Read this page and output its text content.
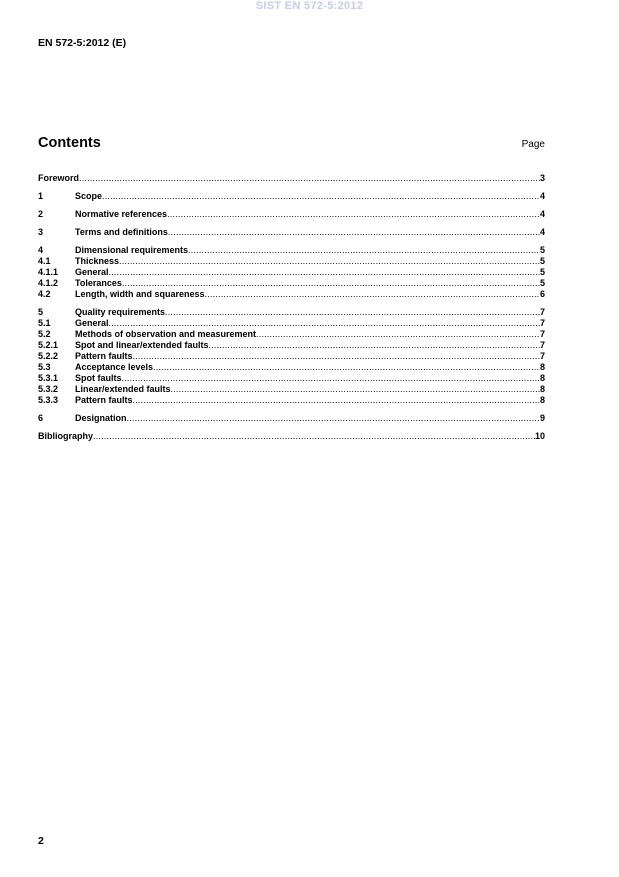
SIST EN 572-5:2012
EN 572-5:2012 (E)
Contents	Page
Foreword .....	3
1	Scope .....	4
2	Normative references .....	4
3	Terms and definitions .....	4
4	Dimensional requirements .....	5
4.1	Thickness .....	5
4.1.1	General .....	5
4.1.2	Tolerances .....	5
4.2	Length, width and squareness .....	6
5	Quality requirements .....	7
5.1	General .....	7
5.2	Methods of observation and measurement .....	7
5.2.1	Spot and linear/extended faults .....	7
5.2.2	Pattern faults .....	7
5.3	Acceptance levels .....	8
5.3.1	Spot faults .....	8
5.3.2	Linear/extended faults .....	8
5.3.3	Pattern faults .....	8
6	Designation .....	9
Bibliography .....	10
2
